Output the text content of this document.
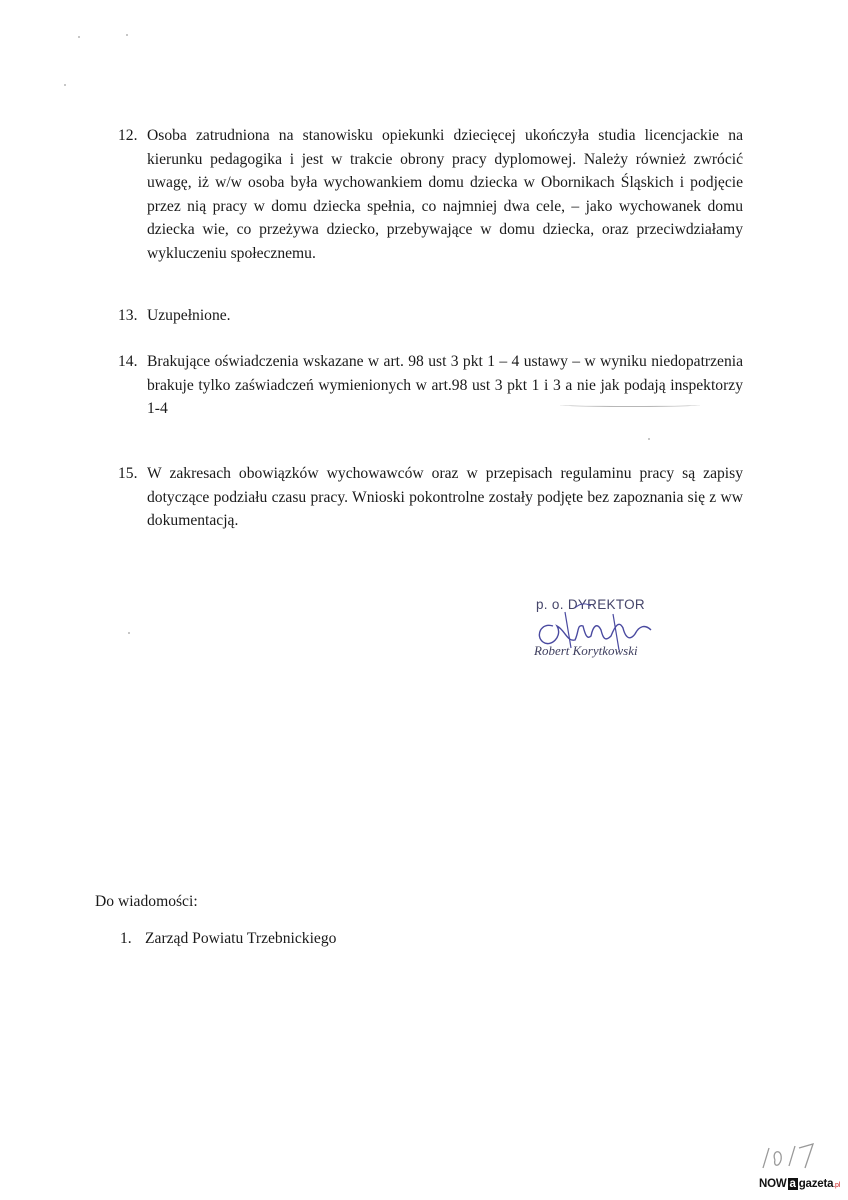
12. Osoba zatrudniona na stanowisku opiekunki dziecięcej ukończyła studia licencjackie na kierunku pedagogika i jest w trakcie obrony pracy dyplomowej. Należy również zwrócić uwagę, iż w/w osoba była wychowankiem domu dziecka w Obornikach Śląskich i podjęcie przez nią pracy w domu dziecka spełnia, co najmniej dwa cele, – jako wychowanek domu dziecka wie, co przeżywa dziecko, przebywające w domu dziecka, oraz przeciwdziałamy wykluczeniu społecznemu.
13. Uzupełnione.
14. Brakujące oświadczenia wskazane w art. 98 ust 3 pkt 1 – 4 ustawy – w wyniku niedopatrzenia brakuje tylko zaświadczeń wymienionych w art.98 ust 3 pkt 1 i 3 a nie jak podają inspektorzy 1-4
15. W zakresach obowiązków wychowawców oraz w przepisach regulaminu pracy są zapisy dotyczące podziału czasu pracy. Wnioski pokontrolne zostały podjęte bez zapoznania się z ww dokumentacją.
p. o. DYREKTOR
Robert Korytkowski
Do wiadomości:
1. Zarząd Powiatu Trzebnickiego
NOW a gazeta.pl
